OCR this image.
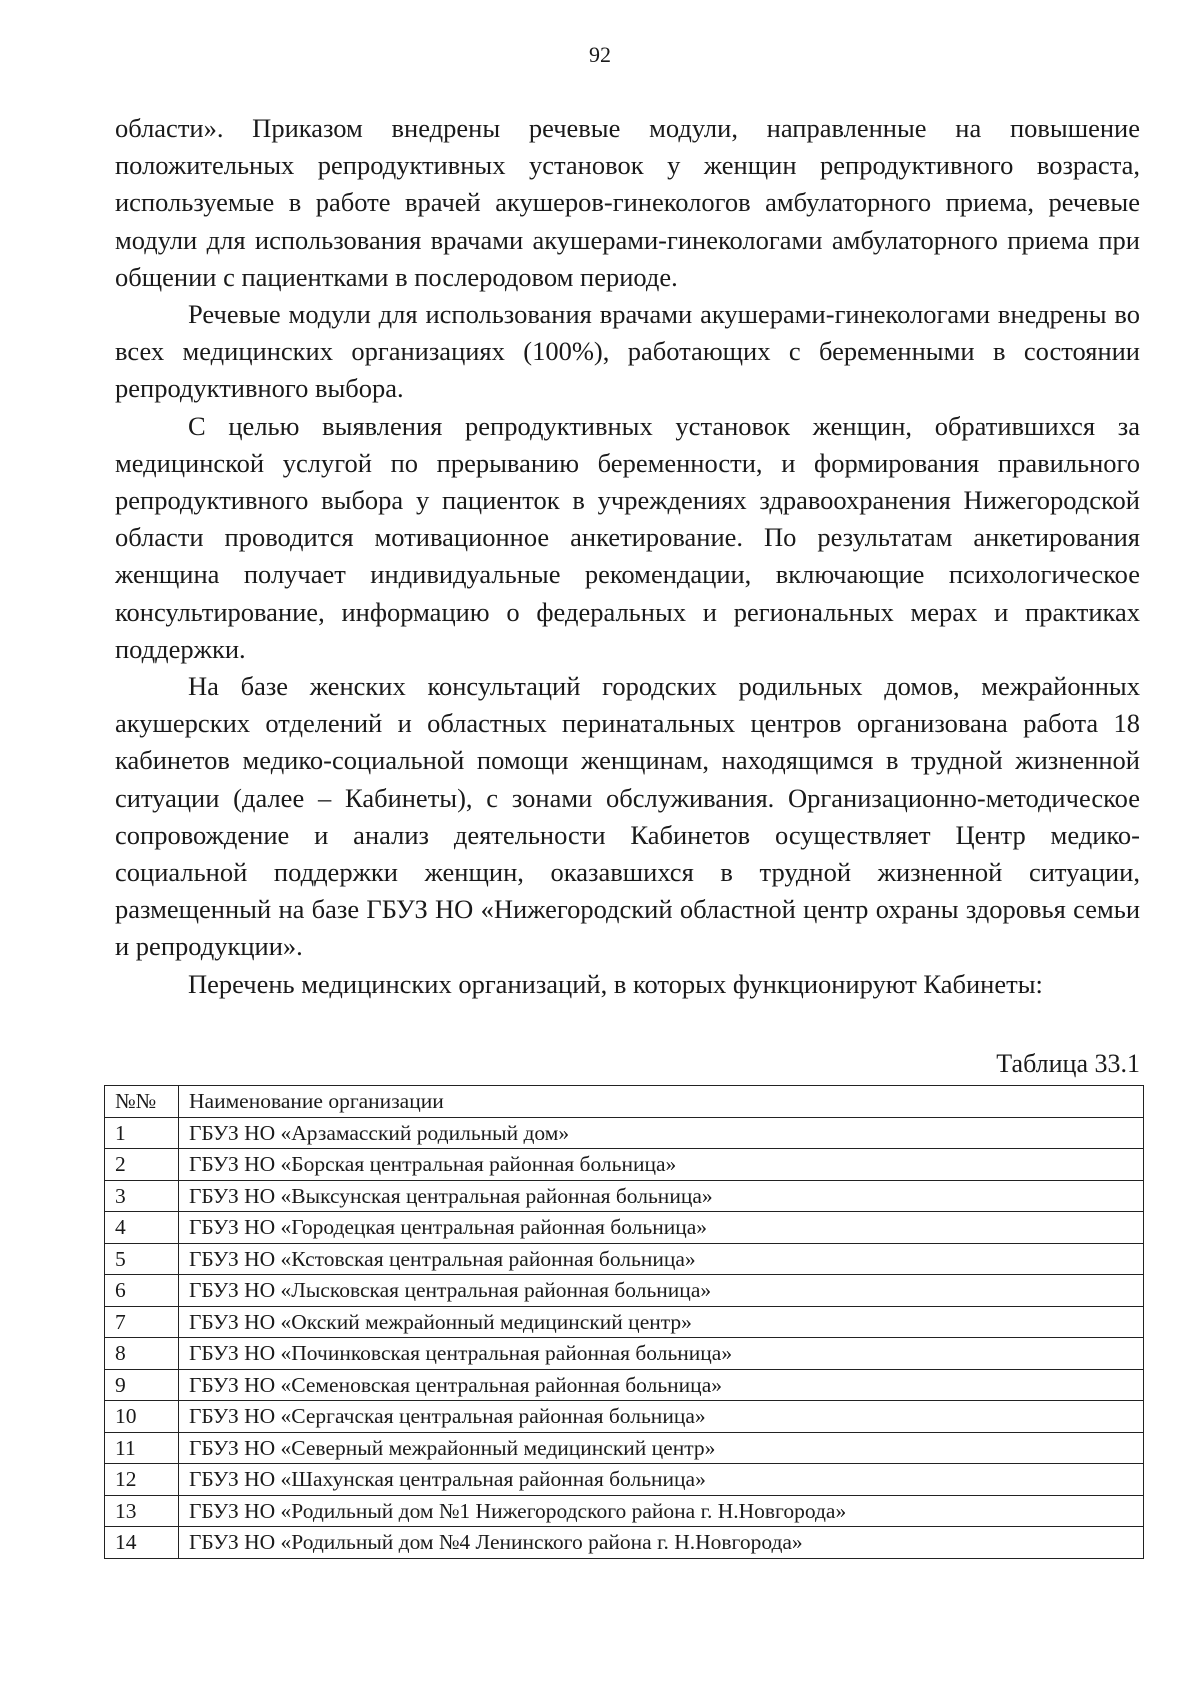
92

области». Приказом внедрены речевые модули, направленные на повышение положительных репродуктивных установок у женщин репродуктивного возраста, используемые в работе врачей акушеров-гинекологов амбулаторного приема, речевые модули для использования врачами акушерами-гинекологами амбулаторного приема при общении с пациентками в послеродовом периоде.

Речевые модули для использования врачами акушерами-гинекологами внедрены во всех медицинских организациях (100%), работающих с беременными в состоянии репродуктивного выбора.

С целью выявления репродуктивных установок женщин, обратившихся за медицинской услугой по прерыванию беременности, и формирования правильного репродуктивного выбора у пациенток в учреждениях здравоохранения Нижегородской области проводится мотивационное анкетирование. По результатам анкетирования женщина получает индивидуальные рекомендации, включающие психологическое консультирование, информацию о федеральных и региональных мерах и практиках поддержки.

На базе женских консультаций городских родильных домов, межрайонных акушерских отделений и областных перинатальных центров организована работа 18 кабинетов медико-социальной помощи женщинам, находящимся в трудной жизненной ситуации (далее – Кабинеты), с зонами обслуживания. Организационно-методическое сопровождение и анализ деятельности Кабинетов осуществляет Центр медико-социальной поддержки женщин, оказавшихся в трудной жизненной ситуации, размещенный на базе ГБУЗ НО «Нижегородский областной центр охраны здоровья семьи и репродукции».

Перечень медицинских организаций, в которых функционируют Кабинеты:

Таблица 33.1
№№	Наименование организации
1	ГБУЗ НО «Арзамасский родильный дом»
2	ГБУЗ НО «Борская центральная районная больница»
3	ГБУЗ НО «Выксунская центральная районная больница»
4	ГБУЗ НО «Городецкая центральная районная больница»
5	ГБУЗ НО «Кстовская центральная районная больница»
6	ГБУЗ НО «Лысковская центральная районная больница»
7	ГБУЗ НО «Окский межрайонный медицинский центр»
8	ГБУЗ НО «Починковская центральная районная больница»
9	ГБУЗ НО «Семеновская центральная районная больница»
10	ГБУЗ НО «Сергачская центральная районная больница»
11	ГБУЗ НО «Северный межрайонный медицинский центр»
12	ГБУЗ НО «Шахунская центральная районная больница»
13	ГБУЗ НО «Родильный дом №1 Нижегородского района г. Н.Новгорода»
14	ГБУЗ НО «Родильный дом №4 Ленинского района г. Н.Новгорода»
